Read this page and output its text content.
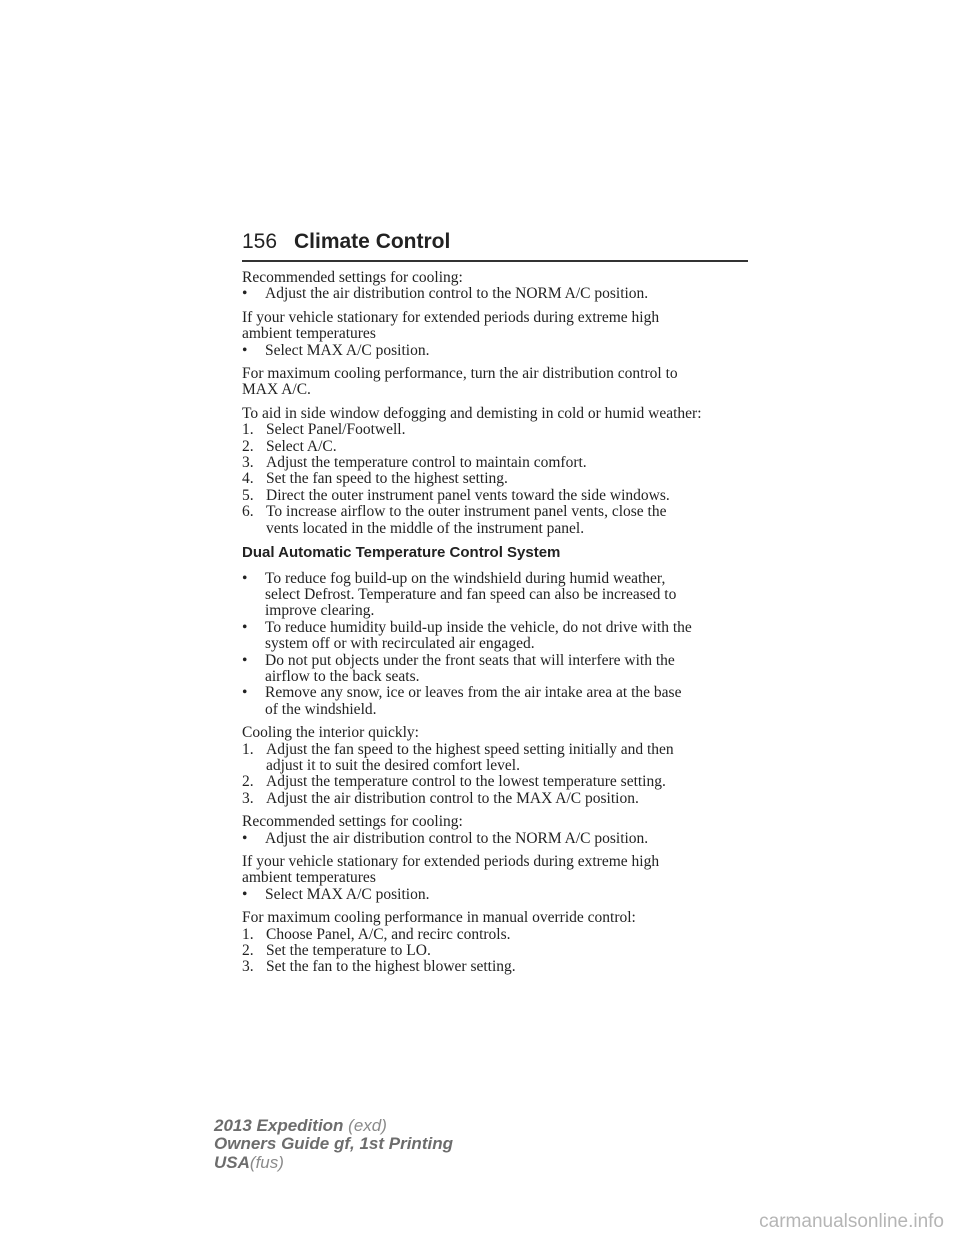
156 Climate Control
Recommended settings for cooling:
• Adjust the air distribution control to the NORM A/C position.
If your vehicle stationary for extended periods during extreme high
ambient temperatures
• Select MAX A/C position.
For maximum cooling performance, turn the air distribution control to
MAX A/C.
To aid in side window defogging and demisting in cold or humid weather:
1. Select Panel/Footwell.
2. Select A/C.
3. Adjust the temperature control to maintain comfort.
4. Set the fan speed to the highest setting.
5. Direct the outer instrument panel vents toward the side windows.
6. To increase airflow to the outer instrument panel vents, close the
vents located in the middle of the instrument panel.
Dual Automatic Temperature Control System
• To reduce fog build-up on the windshield during humid weather,
select Defrost. Temperature and fan speed can also be increased to
improve clearing.
• To reduce humidity build-up inside the vehicle, do not drive with the
system off or with recirculated air engaged.
• Do not put objects under the front seats that will interfere with the
airflow to the back seats.
• Remove any snow, ice or leaves from the air intake area at the base
of the windshield.
Cooling the interior quickly:
1. Adjust the fan speed to the highest speed setting initially and then
adjust it to suit the desired comfort level.
2. Adjust the temperature control to the lowest temperature setting.
3. Adjust the air distribution control to the MAX A/C position.
Recommended settings for cooling:
• Adjust the air distribution control to the NORM A/C position.
If your vehicle stationary for extended periods during extreme high
ambient temperatures
• Select MAX A/C position.
For maximum cooling performance in manual override control:
1. Choose Panel, A/C, and recirc controls.
2. Set the temperature to LO.
3. Set the fan to the highest blower setting.
2013 Expedition (exd)
Owners Guide gf, 1st Printing
USA(fus)
carmanualsonline.info
